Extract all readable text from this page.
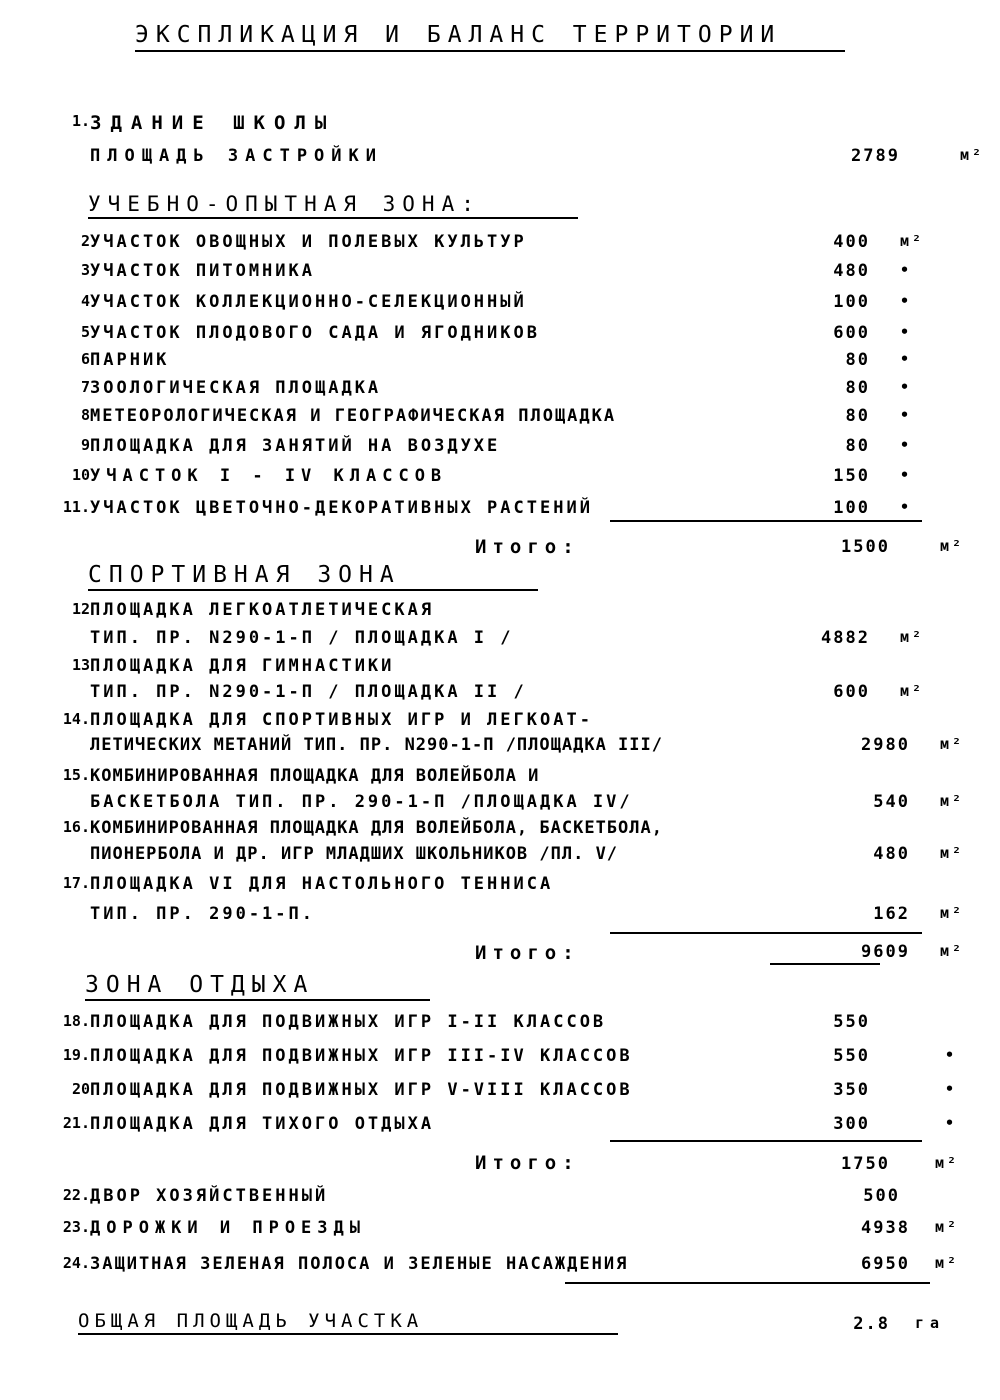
ЭКСПЛИКАЦИЯ И БАЛАНС ТЕРРИТОРИИ
1. ЗДАНИЕ ШКОЛЫ
ПЛОЩАДЬ ЗАСТРОЙКИ	2789	м²
УЧЕБНО-ОПЫТНАЯ ЗОНА:
2 УЧАСТОК ОВОЩНЫХ И ПОЛЕВЫХ КУЛЬТУР	400 м²
3 УЧАСТОК ПИТОМНИКА	480 •
4 УЧАСТОК КОЛЛЕКЦИОННО-СЕЛЕКЦИОННЫЙ	100 •
5 УЧАСТОК ПЛОДОВОГО САДА И ЯГОДНИКОВ	600 •
6 ПАРНИК	80 •
7 ЗООЛОГИЧЕСКАЯ ПЛОЩАДКА	80 •
8 МЕТЕОРОЛОГИЧЕСКАЯ И ГЕОГРАФИЧЕСКАЯ ПЛОЩАДКА	80 •
9 ПЛОЩАДКА ДЛЯ ЗАНЯТИЙ НА ВОЗДУХЕ	80 •
10 УЧАСТОК I - IV КЛАССОВ	150 •
11. УЧАСТОК ЦВЕТОЧНО-ДЕКОРАТИВНЫХ РАСТЕНИЙ	100 •
Итого:	1500	м²
СПОРТИВНАЯ ЗОНА
12 ПЛОЩАДКА ЛЕГКОАТЛЕТИЧЕСКАЯ
ТИП. ПР. N290-1-П / ПЛОЩАДКА I /	4882 м²
13 ПЛОЩАДКА ДЛЯ ГИМНАСТИКИ
ТИП. ПР. N290-1-П / ПЛОЩАДКА II /	600 м²
14. ПЛОЩАДКА ДЛЯ СПОРТИВНЫХ ИГР И ЛЕГКОАТ-
ЛЕТИЧЕСКИХ МЕТАНИЙ ТИП. ПР. N290-1-П /ПЛОЩАДКА III/	2980 м²
15. КОМБИНИРОВАННАЯ ПЛОЩАДКА ДЛЯ ВОЛЕЙБОЛА И
БАСКЕТБОЛА ТИП. ПР. 290-1-П /ПЛОЩАДКА IV/	540 м²
16. КОМБИНИРОВАННАЯ ПЛОЩАДКА ДЛЯ ВОЛЕЙБОЛА, БАСКЕТБОЛА,
ПИОНЕРБОЛА И ДР. ИГР МЛАДШИХ ШКОЛЬНИКОВ /ПЛ. V/	480 м²
17. ПЛОЩАДКА VI ДЛЯ НАСТОЛЬНОГО ТЕННИСА
ТИП. ПР. 290-1-П.	162 м²
Итого:	9609 м²
ЗОНА ОТДЫХА
18. ПЛОЩАДКА ДЛЯ ПОДВИЖНЫХ ИГР I-II КЛАССОВ	550
19. ПЛОЩАДКА ДЛЯ ПОДВИЖНЫХ ИГР III-IV КЛАССОВ	550	•
20 ПЛОЩАДКА ДЛЯ ПОДВИЖНЫХ ИГР V-VIII КЛАССОВ	350	•
21. ПЛОЩАДКА ДЛЯ ТИХОГО ОТДЫХА	300	•
Итого:	1750	м²
22. ДВОР ХОЗЯЙСТВЕННЫЙ	500
23. ДОРОЖКИ И ПРОЕЗДЫ	4938 м²
24. ЗАЩИТНАЯ ЗЕЛЕНАЯ ПОЛОСА И ЗЕЛЕНЫЕ НАСАЖДЕНИЯ	6950 м²
ОБЩАЯ ПЛОЩАДЬ УЧАСТКА	2.8 га
